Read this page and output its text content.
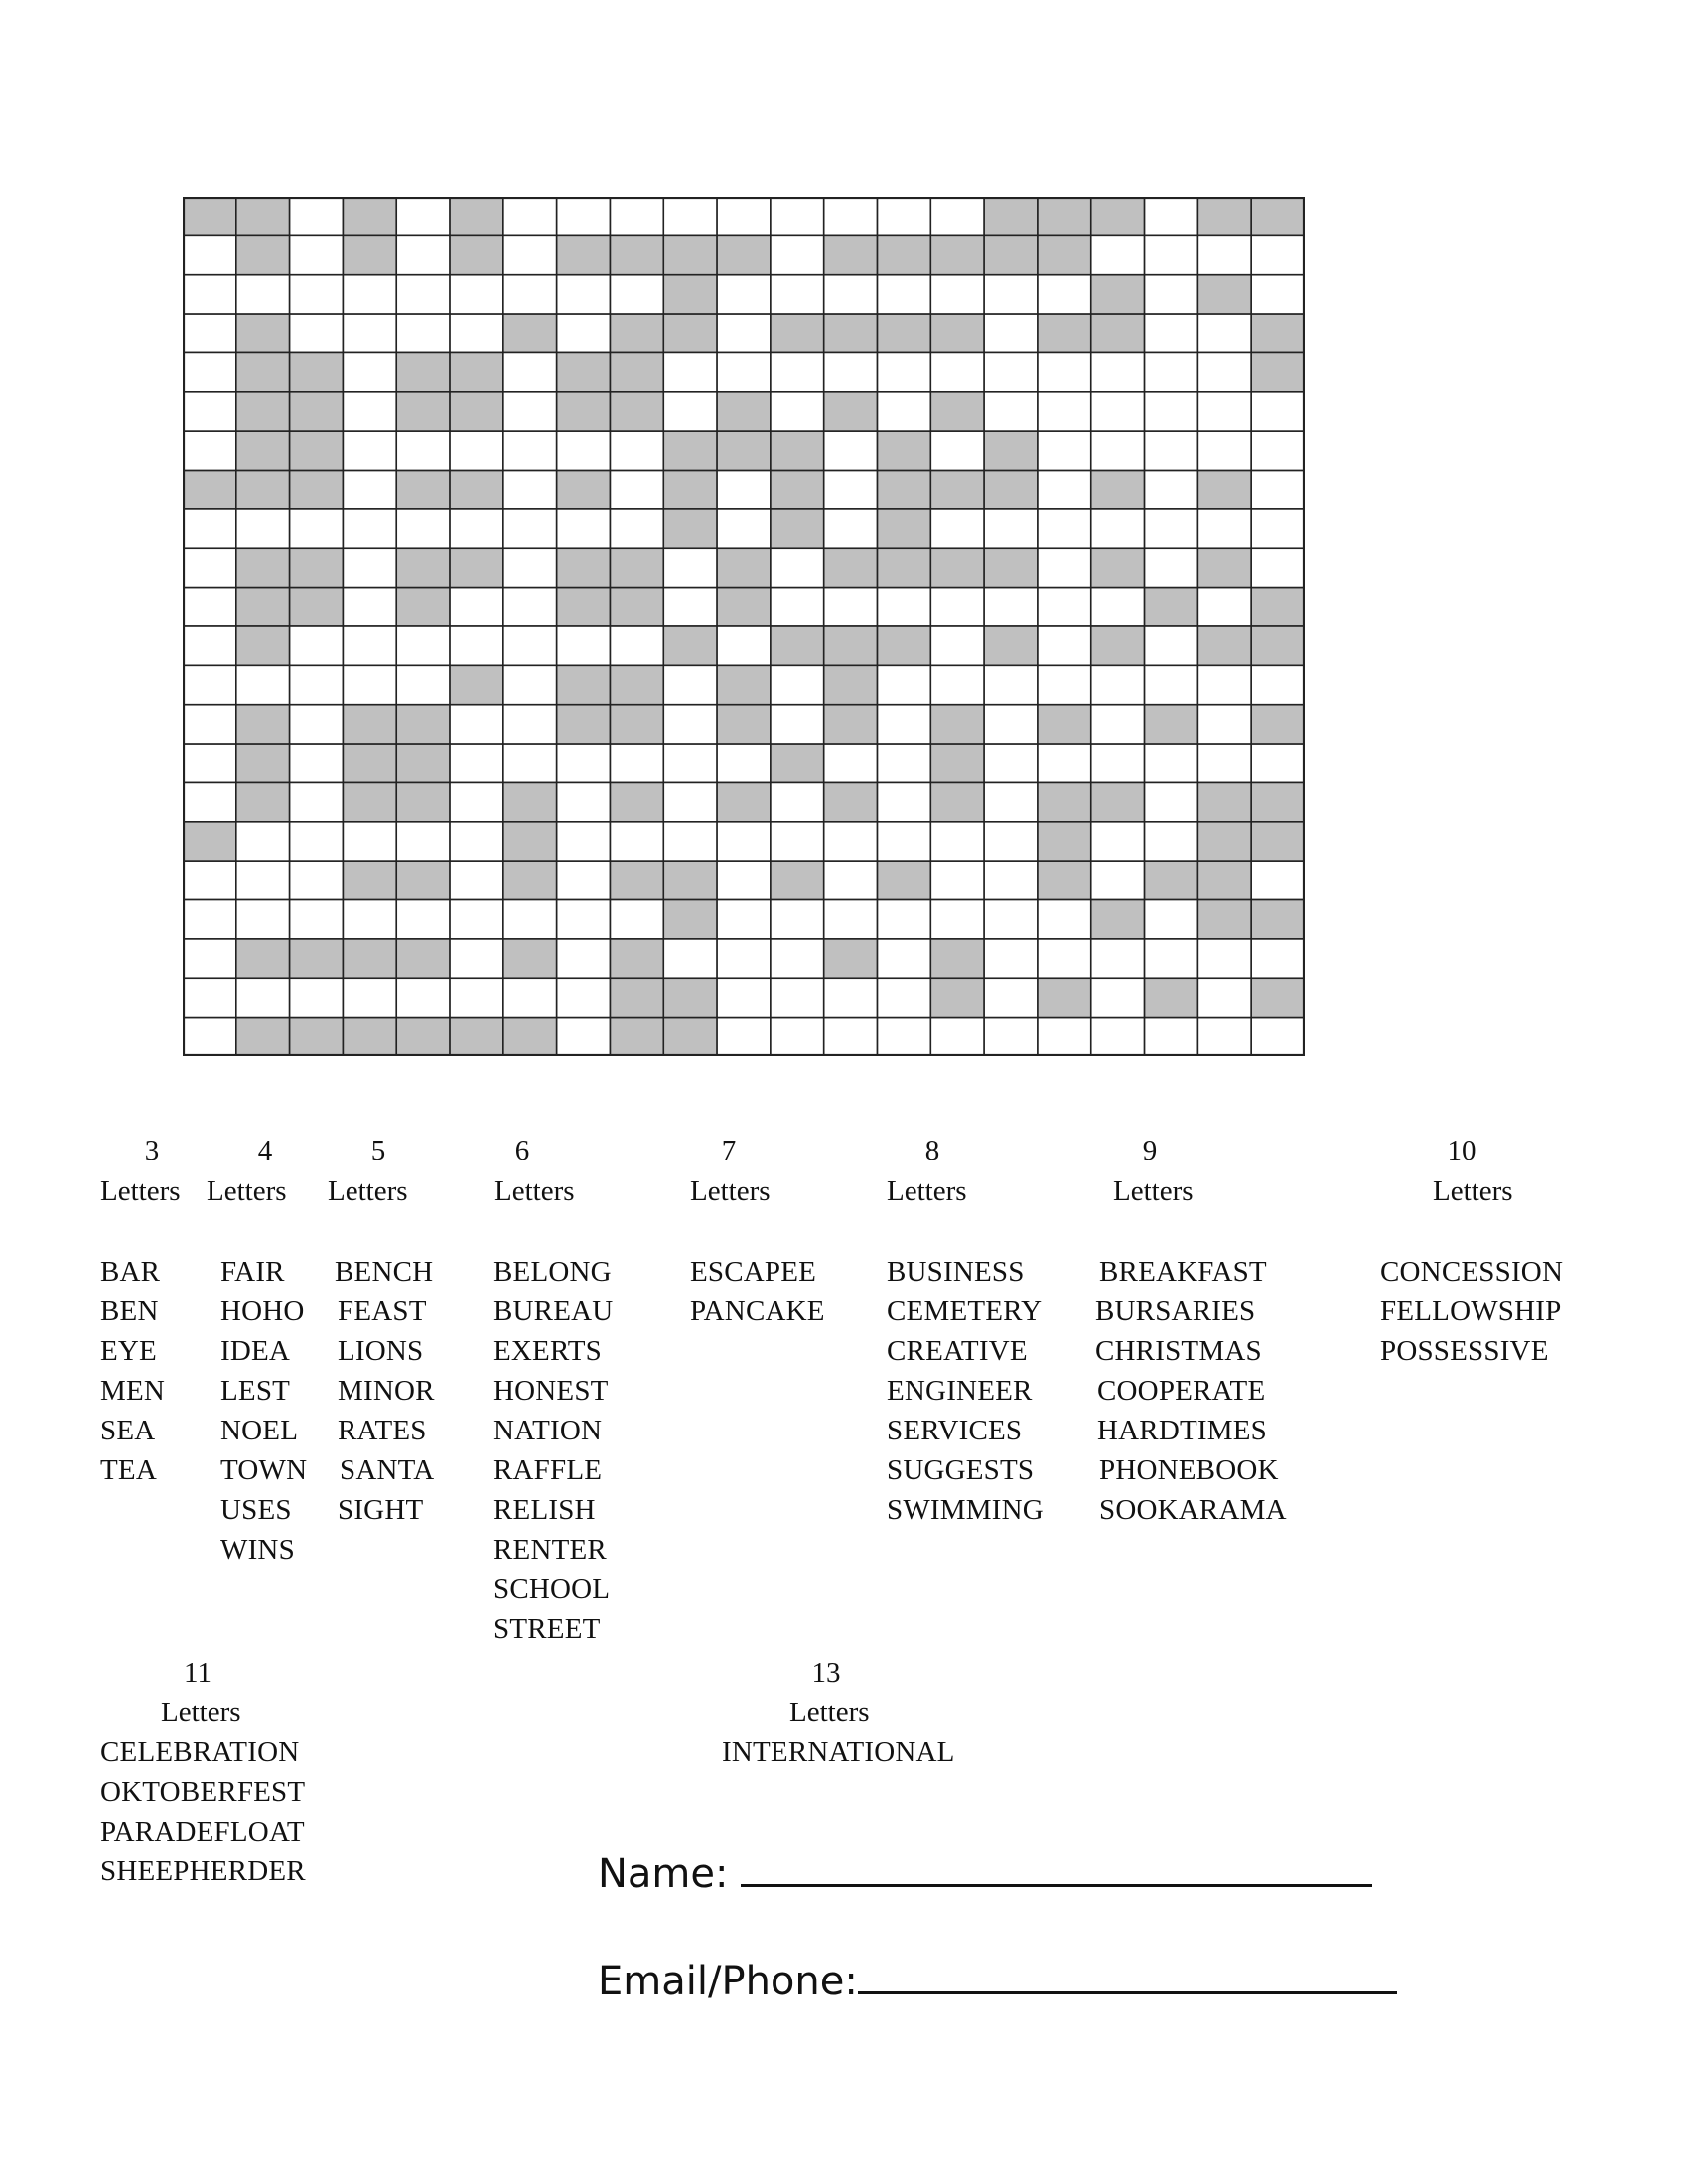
3
Letters
BAR
BEN
EYE
MEN
SEA
TEA
4
Letters
FAIR
HOHO
IDEA
LEST
NOEL
TOWN
USES
WINS
5
Letters
BENCH
FEAST
LIONS
MINOR
RATES
SANTA
SIGHT
6
Letters
BELONG
BUREAU
EXERTS
HONEST
NATION
RAFFLE
RELISH
RENTER
SCHOOL
STREET
7
Letters
ESCAPEE
PANCAKE
8
Letters
BUSINESS
CEMETERY
CREATIVE
ENGINEER
SERVICES
SUGGESTS
SWIMMING
9
Letters
BREAKFAST
BURSARIES
CHRISTMAS
COOPERATE
HARDTIMES
PHONEBOOK
SOOKARAMA
10
Letters
CONCESSION
FELLOWSHIP
POSSESSIVE
11
Letters
CELEBRATION
OKTOBERFEST
PARADEFLOAT
SHEEPHERDER
13
Letters
INTERNATIONAL
Name:
Email/Phone:
